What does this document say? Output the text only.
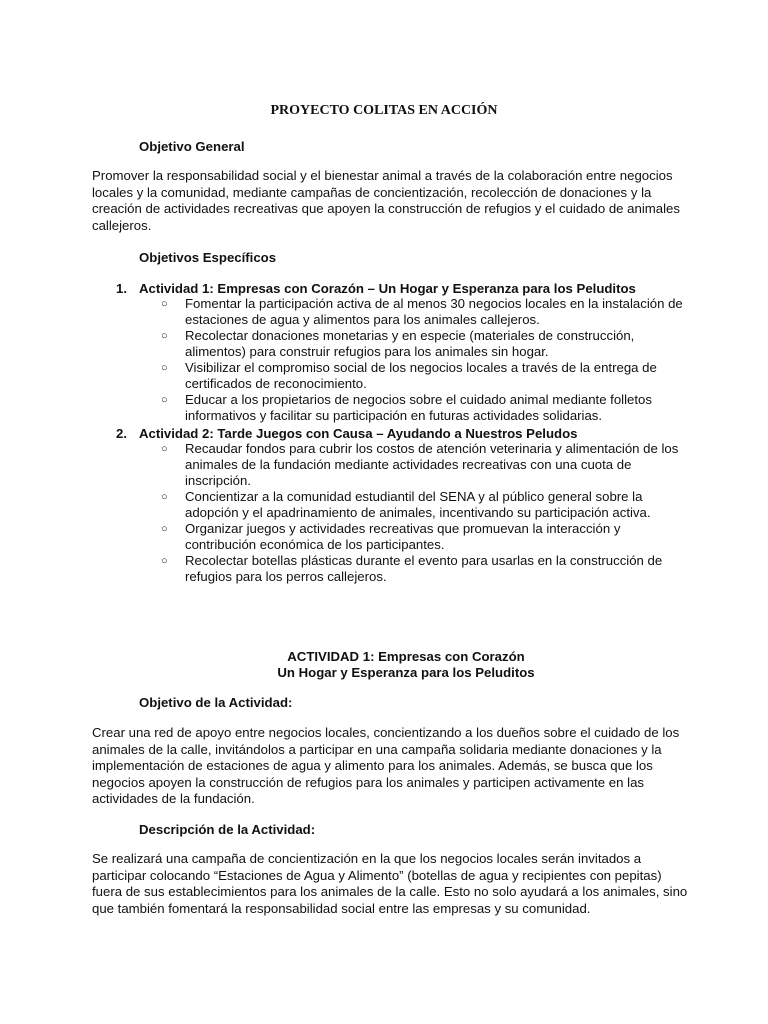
PROYECTO COLITAS EN ACCIÓN
Objetivo General

Promover la responsabilidad social y el bienestar animal a través de la colaboración entre negocios locales y la comunidad, mediante campañas de concientización, recolección de donaciones y la creación de actividades recreativas que apoyen la construcción de refugios y el cuidado de animales callejeros.

Objetivos Específicos
1. Actividad 1: Empresas con Corazón – Un Hogar y Esperanza para los Peluditos
○ Fomentar la participación activa de al menos 30 negocios locales en la instalación de estaciones de agua y alimentos para los animales callejeros.

○ Recolectar donaciones monetarias y en especie (materiales de construcción, alimentos) para construir refugios para los animales sin hogar.

○ Visibilizar el compromiso social de los negocios locales a través de la entrega de certificados de reconocimiento.

○ Educar a los propietarios de negocios sobre el cuidado animal mediante folletos informativos y facilitar su participación en futuras actividades solidarias.

2. Actividad 2: Tarde Juegos con Causa – Ayudando a Nuestros Peludos
○ Recaudar fondos para cubrir los costos de atención veterinaria y alimentación de los animales de la fundación mediante actividades recreativas con una cuota de inscripción.

○ Concientizar a la comunidad estudiantil del SENA y al público general sobre la adopción y el apadrinamiento de animales, incentivando su participación activa.

○ Organizar juegos y actividades recreativas que promuevan la interacción y contribución económica de los participantes.

○ Recolectar botellas plásticas durante el evento para usarlas en la construcción de refugios para los perros callejeros.

ACTIVIDAD 1: Empresas con Corazón
Un Hogar y Esperanza para los Peluditos
Objetivo de la Actividad:

Crear una red de apoyo entre negocios locales, concientizando a los dueños sobre el cuidado de los animales de la calle, invitándolos a participar en una campaña solidaria mediante donaciones y la implementación de estaciones de agua y alimento para los animales. Además, se busca que los negocios apoyen la construcción de refugios para los animales y participen activamente en las actividades de la fundación.

Descripción de la Actividad:

Se realizará una campaña de concientización en la que los negocios locales serán invitados a participar colocando “Estaciones de Agua y Alimento” (botellas de agua y recipientes con pepitas) fuera de sus establecimientos para los animales de la calle. Esto no solo ayudará a los animales, sino que también fomentará la responsabilidad social entre las empresas y su comunidad.
